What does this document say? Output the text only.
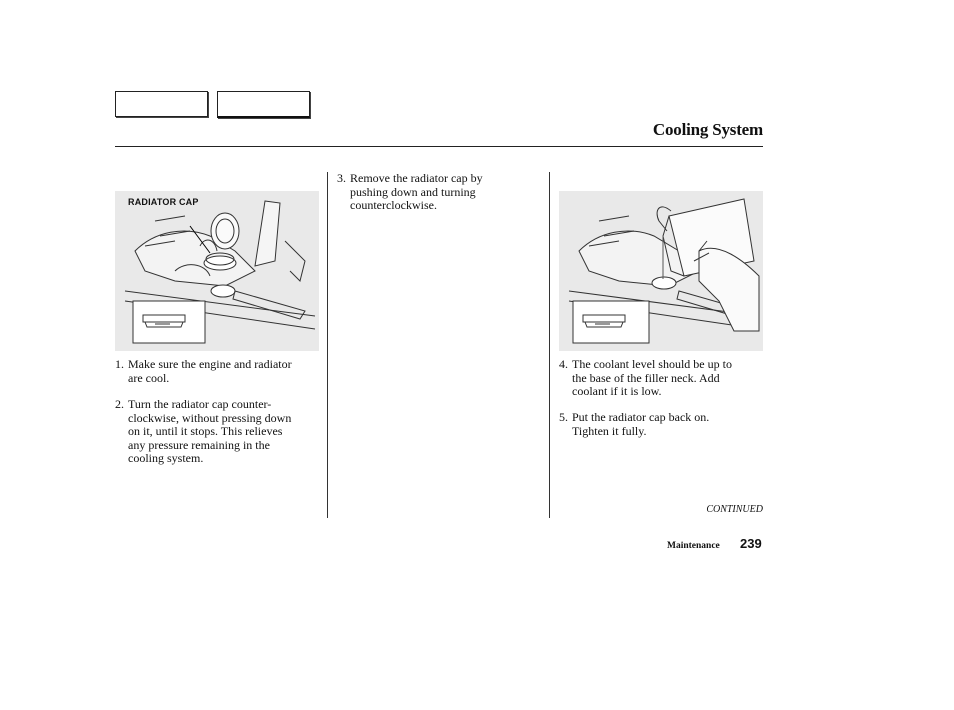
Cooling System
RADIATOR CAP
1. Make sure the engine and radiator
are cool.
2. Turn the radiator cap counter-
clockwise, without pressing down
on it, until it stops. This relieves
any pressure remaining in the
cooling system.
3. Remove the radiator cap by
pushing down and turning
counterclockwise.
4. The coolant level should be up to
the base of the filler neck. Add
coolant if it is low.
5. Put the radiator cap back on.
Tighten it fully.
CONTINUED
Maintenance 239
